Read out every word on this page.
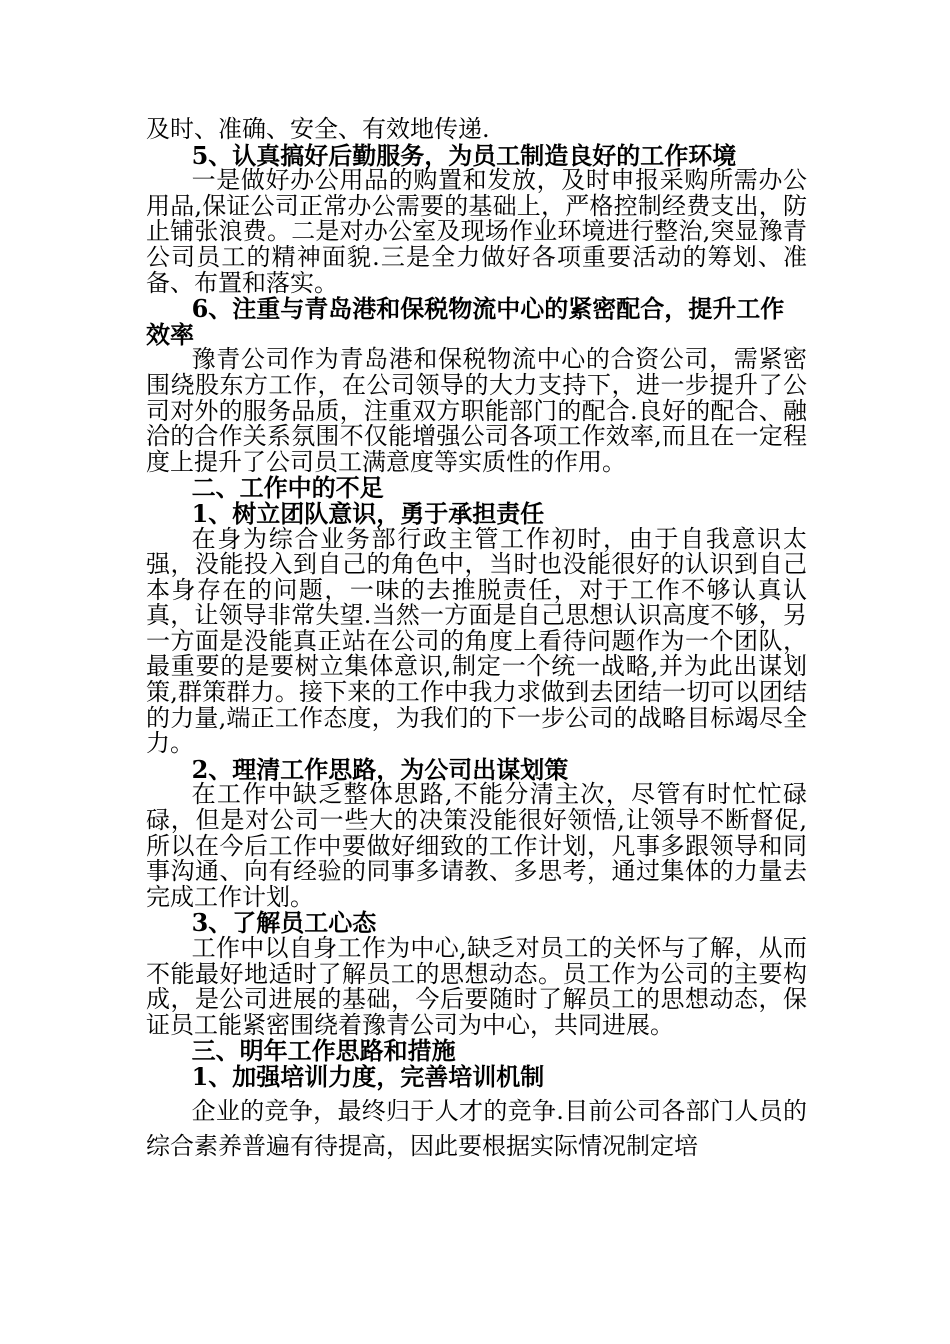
及时、准确、安全、有效地传递.

5、认真搞好后勤服务，为员工制造良好的工作环境

一是做好办公用品的购置和发放，及时申报采购所需办公用品,保证公司正常办公需要的基础上，严格控制经费支出，防止铺张浪费。二是对办公室及现场作业环境进行整治,突显豫青公司员工的精神面貌.三是全力做好各项重要活动的筹划、准备、布置和落实。

6、注重与青岛港和保税物流中心的紧密配合，提升工作效率

豫青公司作为青岛港和保税物流中心的合资公司，需紧密围绕股东方工作，在公司领导的大力支持下，进一步提升了公司对外的服务品质，注重双方职能部门的配合.良好的配合、融洽的合作关系氛围不仅能增强公司各项工作效率,而且在一定程度上提升了公司员工满意度等实质性的作用。

二、工作中的不足

1、树立团队意识，勇于承担责任

在身为综合业务部行政主管工作初时，由于自我意识太强，没能投入到自己的角色中，当时也没能很好的认识到自己本身存在的问题，一味的去推脱责任，对于工作不够认真认真，让领导非常失望.当然一方面是自己思想认识高度不够，另一方面是没能真正站在公司的角度上看待问题作为一个团队，最重要的是要树立集体意识,制定一个统一战略,并为此出谋划策,群策群力。接下来的工作中我力求做到去团结一切可以团结的力量,端正工作态度，为我们的下一步公司的战略目标竭尽全力。

2、理清工作思路，为公司出谋划策

在工作中缺乏整体思路,不能分清主次，尽管有时忙忙碌碌，但是对公司一些大的决策没能很好领悟,让领导不断督促,所以在今后工作中要做好细致的工作计划，凡事多跟领导和同事沟通、向有经验的同事多请教、多思考，通过集体的力量去完成工作计划。

3、了解员工心态

工作中以自身工作为中心,缺乏对员工的关怀与了解，从而不能最好地适时了解员工的思想动态。员工作为公司的主要构成，是公司进展的基础，今后要随时了解员工的思想动态，保证员工能紧密围绕着豫青公司为中心，共同进展。

三、明年工作思路和措施

1、加强培训力度，完善培训机制

企业的竞争，最终归于人才的竞争.目前公司各部门人员的综合素养普遍有待提高，因此要根据实际情况制定培
